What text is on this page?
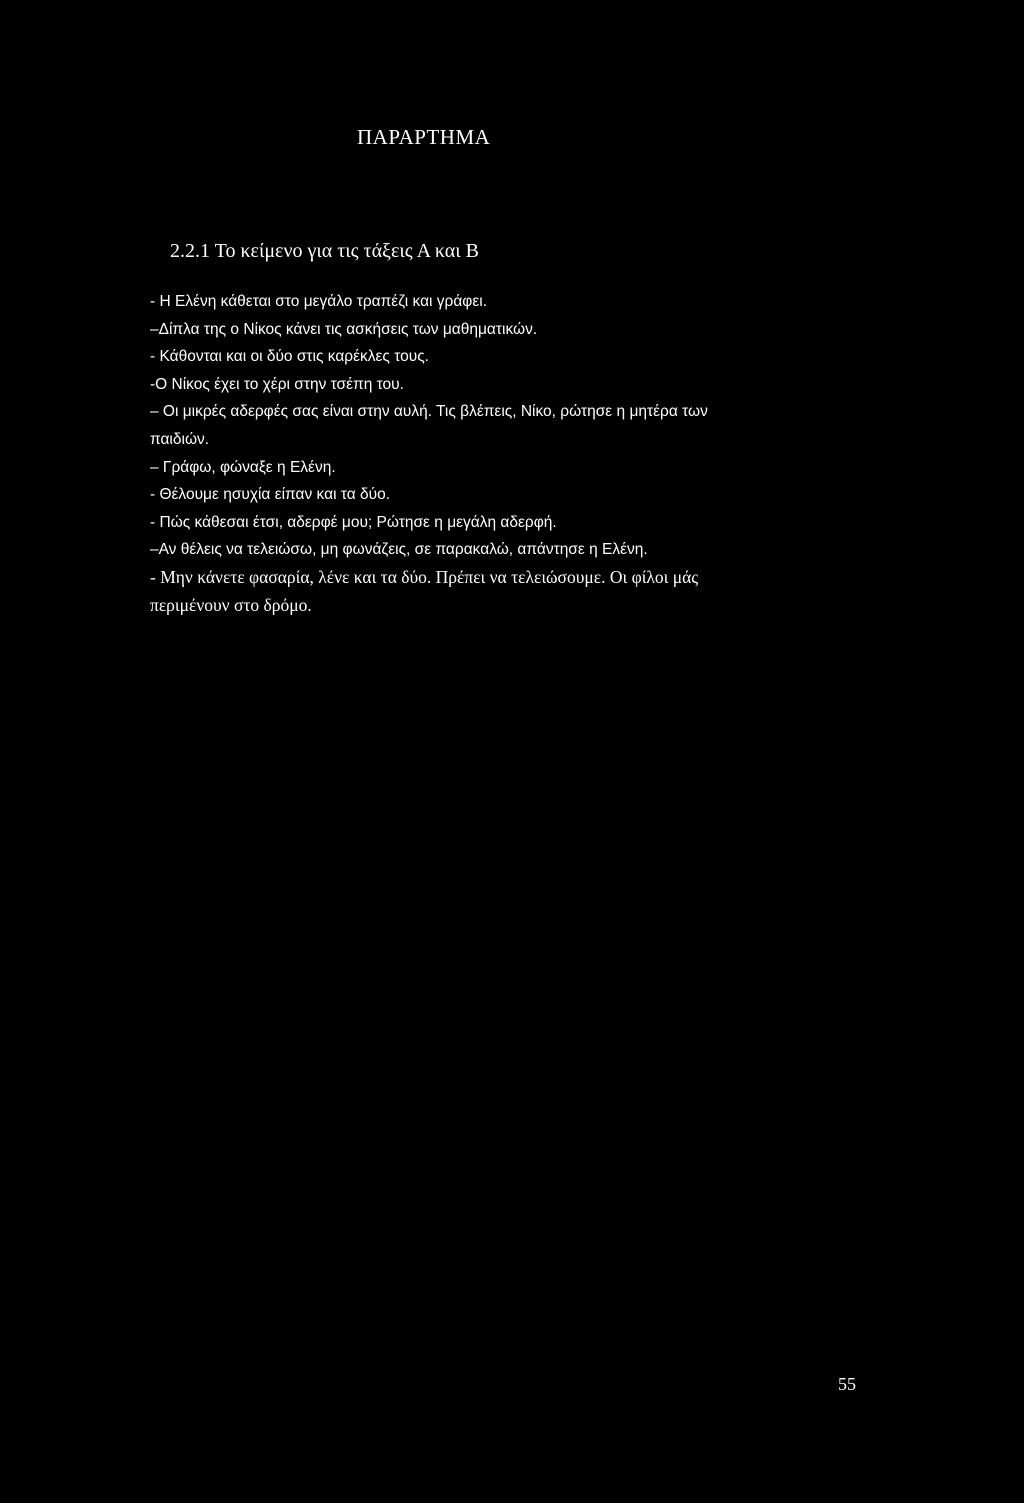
ΠΑΡΑΡΤΗΜΑ
2.2.1 Το κείμενο για τις τάξεις Α και Β
- Η Ελένη κάθεται στο μεγάλο τραπέζι και γράφει.
–Δίπλα της ο Νίκος κάνει τις ασκήσεις των μαθηματικών.
- Κάθονται και οι δύο στις καρέκλες τους.
-Ο Νίκος έχει το χέρι στην τσέπη του.
– Οι μικρές αδερφές σας είναι στην αυλή. Τις βλέπεις, Νίκο, ρώτησε η μητέρα των
παιδιών.
– Γράφω, φώναξε η Ελένη.
- Θέλουμε ησυχία είπαν και τα δύο.
- Πώς κάθεσαι έτσι, αδερφέ μου; Ρώτησε η μεγάλη αδερφή.
–Αν θέλεις να τελειώσω, μη φωνάζεις, σε παρακαλώ, απάντησε η Ελένη.
- Μην κάνετε φασαρία, λένε και τα δύο. Πρέπει να τελειώσουμε. Οι φίλοι μάς
περιμένουν στο δρόμο.
55
